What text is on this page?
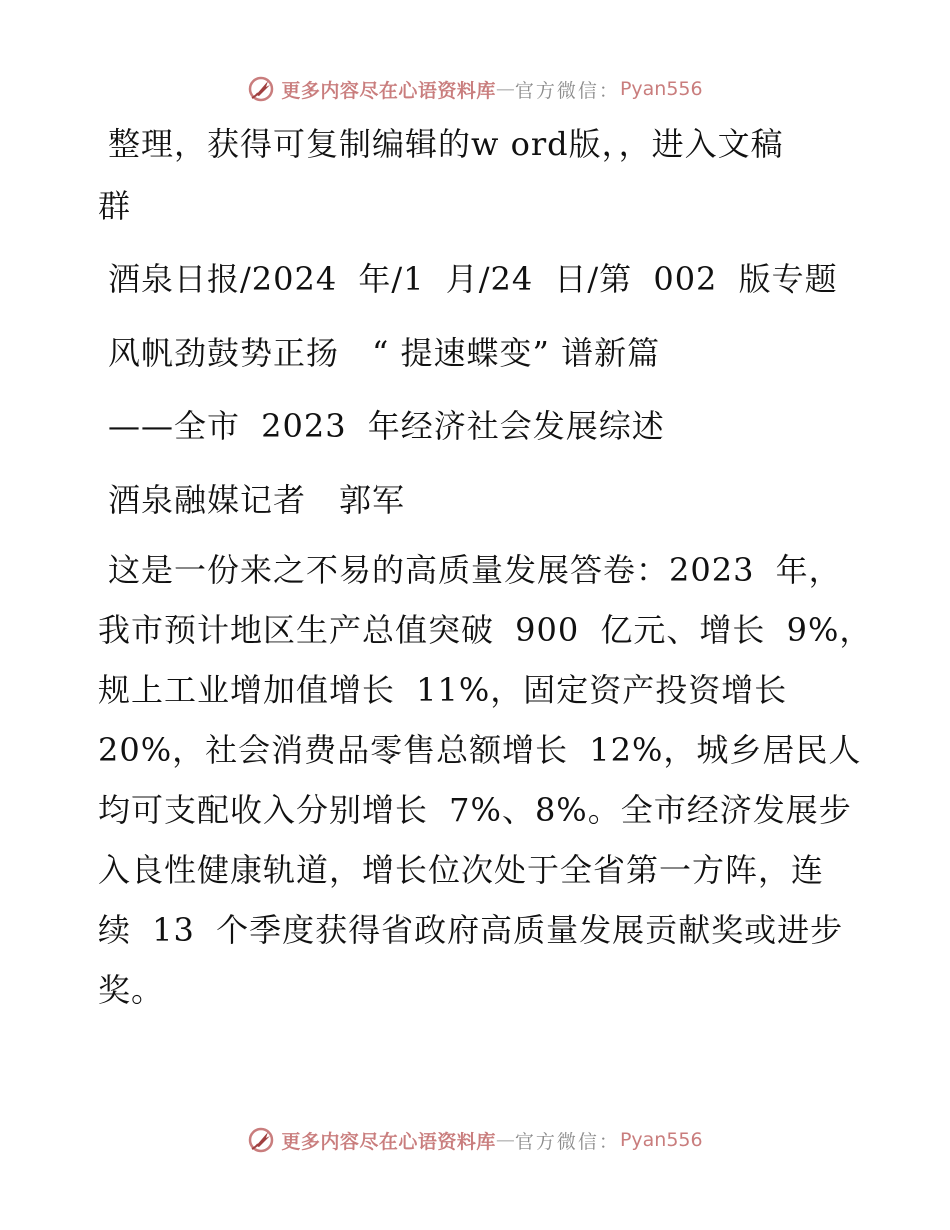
更多内容尽在心语资料库 — 官方微信： Pyan556
整理，获得可复制编辑的w ord版，，进入文稿
群
酒泉日报/2024 年/1 月/24 日/第 002 版专题
风帆劲鼓势正扬　“ 提速蝶变” 谱新篇
——全市 2023 年经济社会发展综述
酒泉融媒记者　郭军
这是一份来之不易的高质量发展答卷：2023 年，
我市预计地区生产总值突破 900 亿元、增长 9%，
规上工业增加值增长 11%，固定资产投资增长
20%，社会消费品零售总额增长 12%，城乡居民人
均可支配收入分别增长 7%、8%。全市经济发展步
入良性健康轨道，增长位次处于全省第一方阵，连
续 13 个季度获得省政府高质量发展贡献奖或进步
奖。
更多内容尽在心语资料库 — 官方微信： Pyan556
